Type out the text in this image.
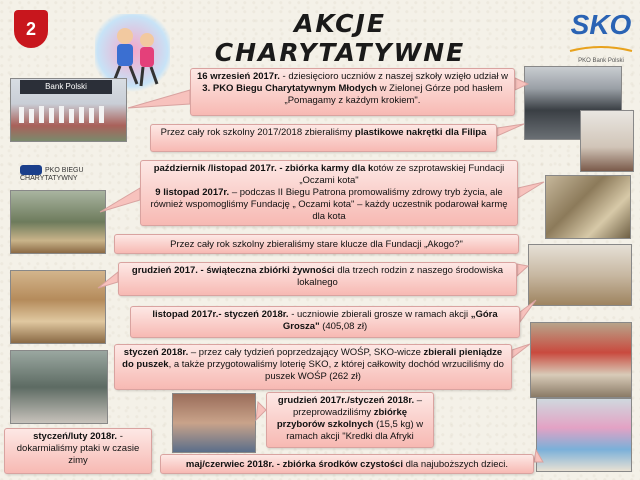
AKCJE CHARYTATYWNE
2	SKO
PKO Bank Polski
Bank Polski
PKO BIEGU CHARYTATYWNY
16 wrzesień 2017r. - dziesięcioro uczniów z naszej szkoły wzięło udział w 3. PKO Biegu Charytatywnym Młodych w Zielonej Górze pod hasłem „Pomagamy z każdym krokiem".
Przez cały rok szkolny 2017/2018 zbieraliśmy plastikowe nakrętki dla Filipa
październik /listopad 2017r. - zbiórka karmy dla kotów ze szprotawskiej Fundacji „Oczami kota"
9 listopad 2017r. – podczas II Biegu Patrona promowaliśmy zdrowy tryb życia, ale również wspomogliśmy Fundację „ Oczami kota" – każdy uczestnik podarował karmę dla kota
Przez cały rok szkolny zbieraliśmy stare klucze dla Fundacji „Akogo?"
grudzień 2017. - świąteczna zbiórki żywności dla trzech rodzin z naszego środowiska lokalnego
listopad 2017r.- styczeń 2018r. - uczniowie zbierali grosze w ramach akcji „Góra Grosza" (405,08 zł)
styczeń 2018r. – przez cały tydzień poprzedzający WOŚP, SKO-wicze zbierali pieniądze do puszek, a także przygotowaliśmy loterię SKO, z której całkowity dochód wrzuciliśmy do puszek WOŚP (262 zł)
grudzień 2017r./styczeń 2018r. – przeprowadziliśmy zbiórkę przyborów szkolnych (15,5 kg) w ramach akcji "Kredki dla Afryki
styczeń/luty 2018r. - dokarmialiśmy ptaki w czasie zimy	maj/czerwiec 2018r. - zbiórka środków czystości dla najuboższych dzieci.
